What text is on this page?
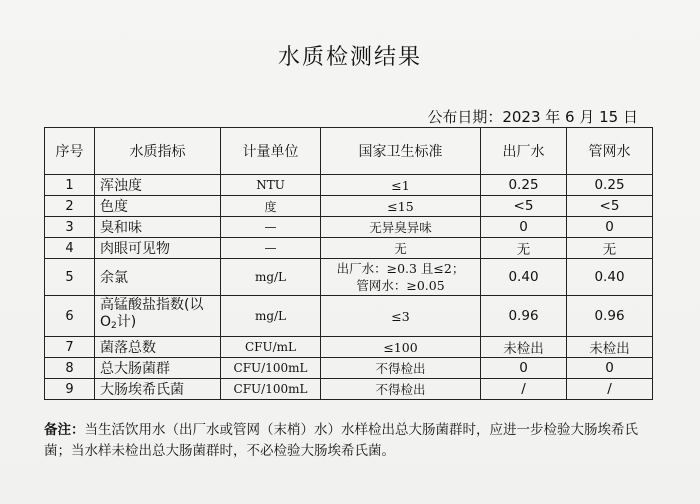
水质检测结果
公布日期：2023 年 6 月 15 日
序号	水质指标	计量单位	国家卫生标准	出厂水	管网水
1	浑浊度	NTU	≤1	0.25	0.25
2	色度	度	≤15	<5	<5
3	臭和味	—	无异臭异味	0	0
4	肉眼可见物	—	无	无	无
5	余氯	mg/L	出厂水：≥0.3 且≤2；
管网水：≥0.05	0.40	0.40
6	高锰酸盐指数(以
$O_2$计)	mg/L	≤3	0.96	0.96
7	菌落总数	CFU/mL	≤100	未检出	未检出
8	总大肠菌群	CFU/100mL	不得检出	0	0
9	大肠埃希氏菌	CFU/100mL	不得检出	/	/
备注：当生活饮用水（出厂水或管网（末梢）水）水样检出总大肠菌群时，应进一步检验大肠埃希氏菌；当水样未检出总大肠菌群时，不必检验大肠埃希氏菌。
